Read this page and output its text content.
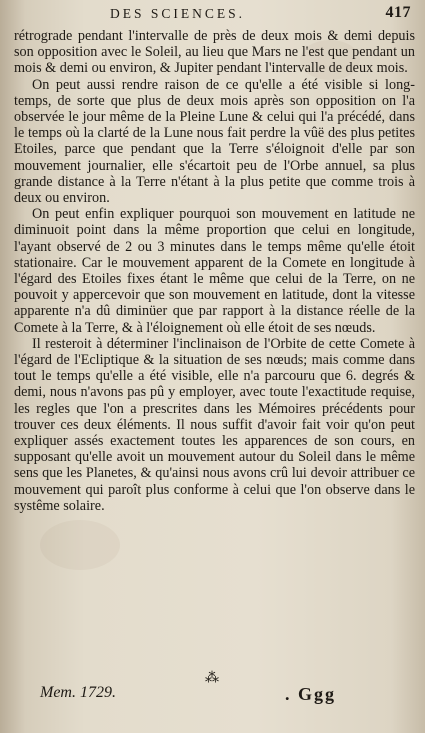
DES SCIENCES.	417

rétrograde pendant l'intervalle de près de deux mois & demi depuis son opposition avec le Soleil, au lieu que Mars ne l'est que pendant un mois & demi ou environ, & Jupiter pendant l'intervalle de deux mois.

On peut aussi rendre raison de ce qu'elle a été visible si long-temps, de sorte que plus de deux mois après son opposition on l'a observée le jour même de la Pleine Lune & celui qui l'a précédé, dans le temps où la clarté de la Lune nous fait perdre la vûë des plus petites Etoiles, parce que pendant que la Terre s'éloignoit d'elle par son mouvement journalier, elle s'écartoit peu de l'Orbe annuel, sa plus grande distance à la Terre n'étant à la plus petite que comme trois à deux ou environ.

On peut enfin expliquer pourquoi son mouvement en latitude ne diminuoit point dans la même proportion que celui en longitude, l'ayant observé de 2 ou 3 minutes dans le temps même qu'elle étoit stationaire. Car le mouvement apparent de la Comete en longitude à l'égard des Etoiles fixes étant le même que celui de la Terre, on ne pouvoit y appercevoir que son mouvement en latitude, dont la vitesse apparente n'a dû diminüer que par rapport à la distance réelle de la Comete à la Terre, & à l'éloignement où elle étoit de ses nœuds.

Il resteroit à déterminer l'inclinaison de l'Orbite de cette Comete à l'égard de l'Ecliptique & la situation de ses nœuds; mais comme dans tout le temps qu'elle a été visible, elle n'a parcouru que 6. degrés & demi, nous n'avons pas pû y employer, avec toute l'exactitude requise, les regles que l'on a prescrites dans les Mémoires précédents pour trouver ces deux éléments. Il nous suffit d'avoir fait voir qu'on peut expliquer assés exactement toutes les apparences de son cours, en supposant qu'elle avoit un mouvement autour du Soleil dans le même sens que les Planetes, & qu'ainsi nous avons crû lui devoir attribuer ce mouvement qui paroît plus conforme à celui que l'on observe dans le systême solaire.

⁂
Mem. 1729.	. Ggg
